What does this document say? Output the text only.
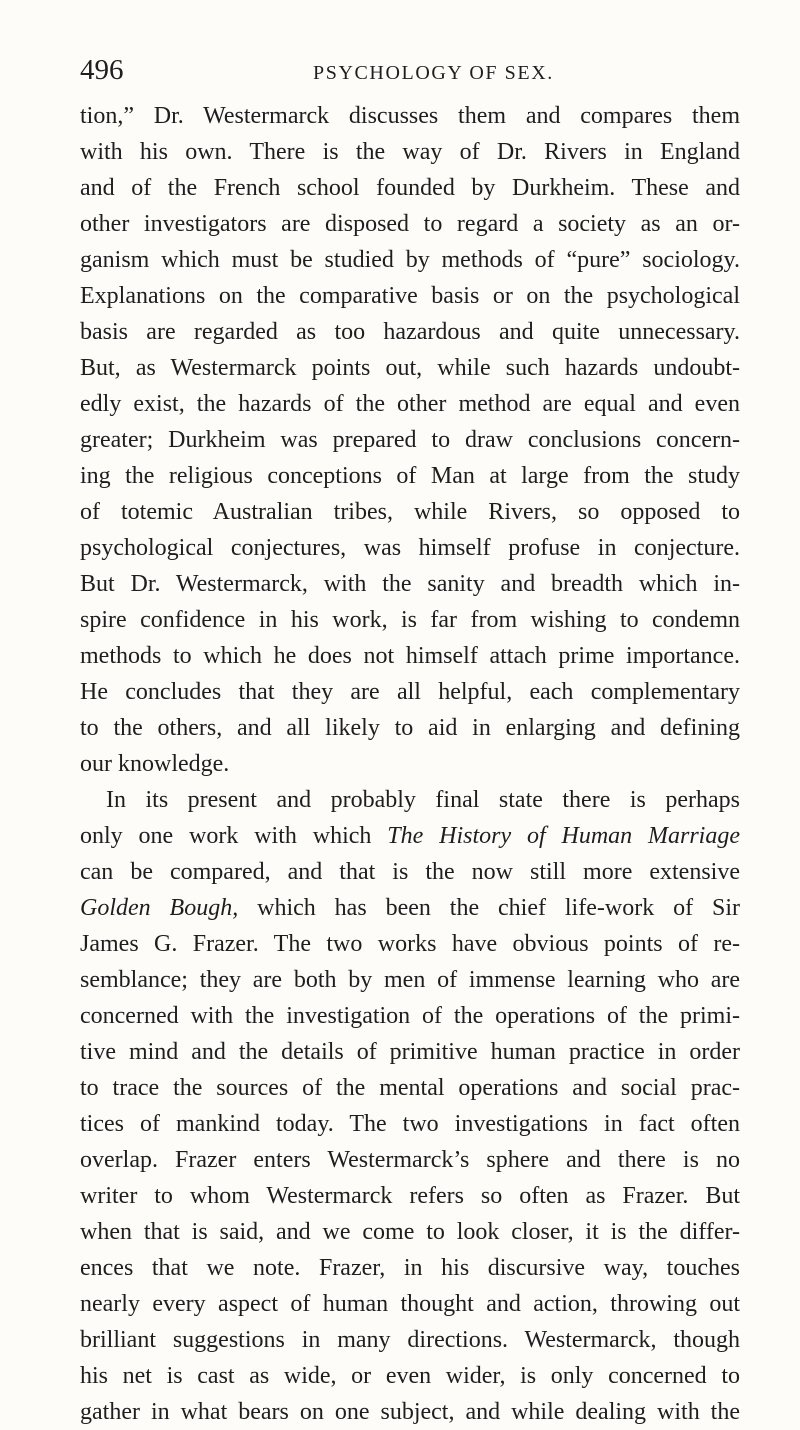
496	PSYCHOLOGY OF SEX.
tion,” Dr. Westermarck discusses them and compares them
with his own. There is the way of Dr. Rivers in England
and of the French school founded by Durkheim. These and
other investigators are disposed to regard a society as an or-
ganism which must be studied by methods of “pure” sociology.
Explanations on the comparative basis or on the psychological
basis are regarded as too hazardous and quite unnecessary.
But, as Westermarck points out, while such hazards undoubt-
edly exist, the hazards of the other method are equal and even
greater; Durkheim was prepared to draw conclusions concern-
ing the religious conceptions of Man at large from the study
of totemic Australian tribes, while Rivers, so opposed to
psychological conjectures, was himself profuse in conjecture.
But Dr. Westermarck, with the sanity and breadth which in-
spire confidence in his work, is far from wishing to condemn
methods to which he does not himself attach prime importance.
He concludes that they are all helpful, each complementary
to the others, and all likely to aid in enlarging and defining
our knowledge.
In its present and probably final state there is perhaps
only one work with which The History of Human Marriage
can be compared, and that is the now still more extensive
Golden Bough, which has been the chief life-work of Sir
James G. Frazer. The two works have obvious points of re-
semblance; they are both by men of immense learning who are
concerned with the investigation of the operations of the primi-
tive mind and the details of primitive human practice in order
to trace the sources of the mental operations and social prac-
tices of mankind today. The two investigations in fact often
overlap. Frazer enters Westermarck’s sphere and there is no
writer to whom Westermarck refers so often as Frazer. But
when that is said, and we come to look closer, it is the differ-
ences that we note. Frazer, in his discursive way, touches
nearly every aspect of human thought and action, throwing out
brilliant suggestions in many directions. Westermarck, though
his net is cast as wide, or even wider, is only concerned to
gather in what bears on one subject, and while dealing with the
